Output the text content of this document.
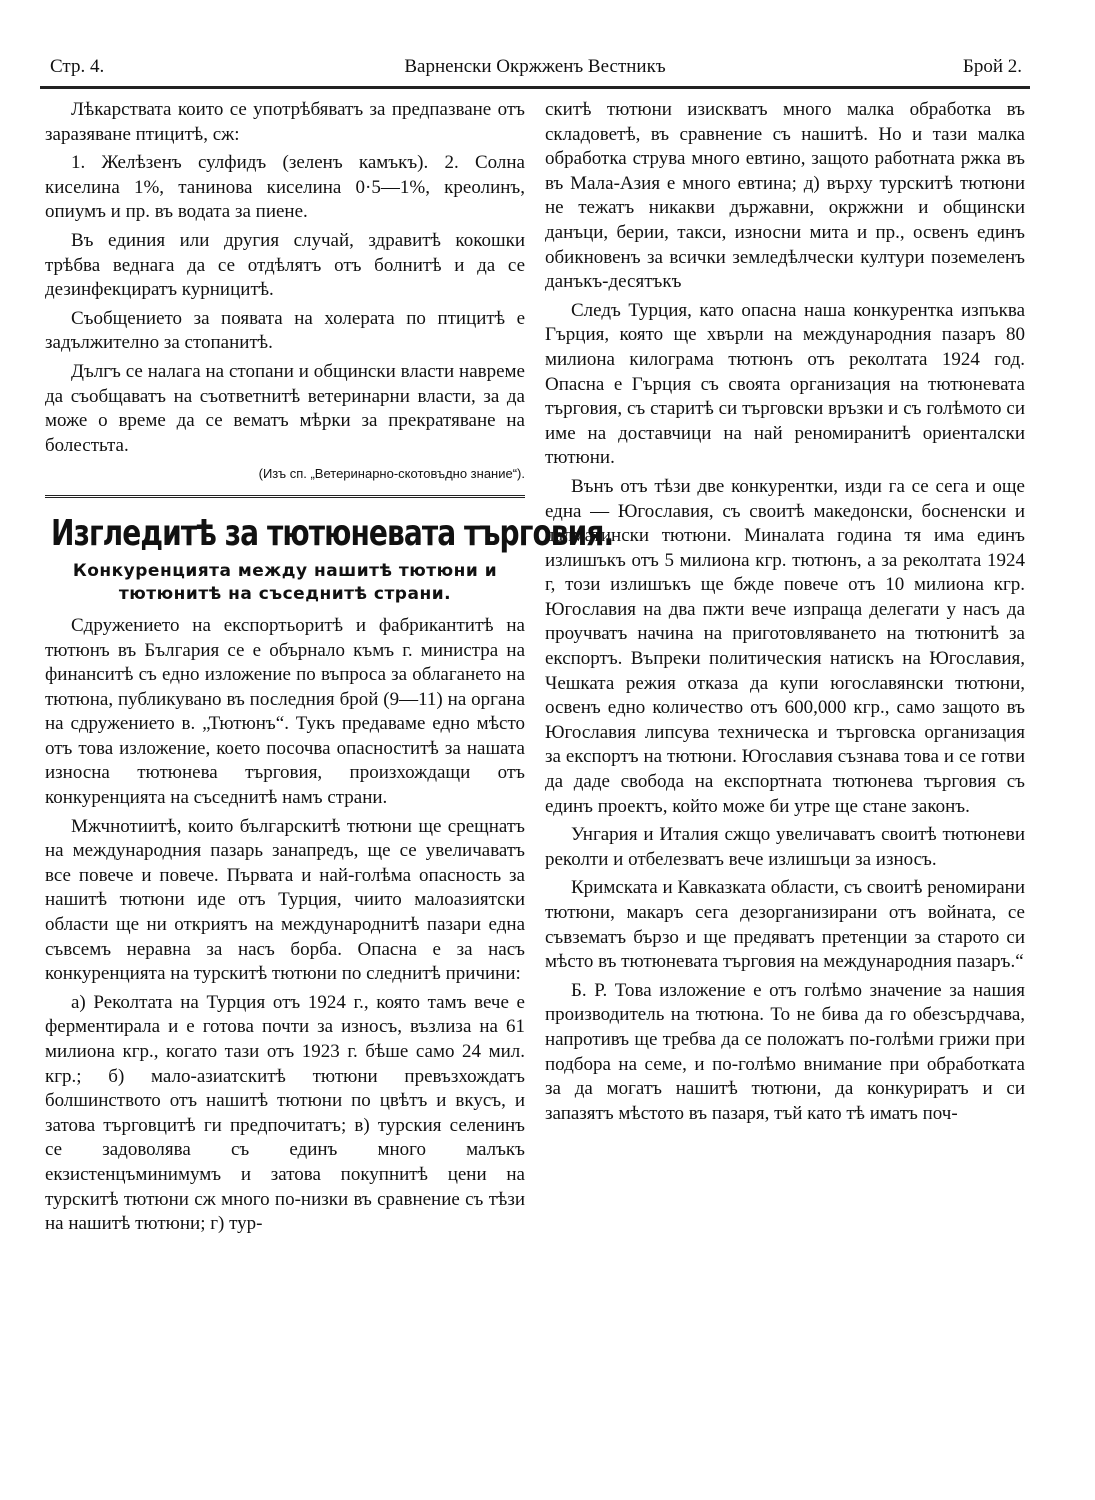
Стр. 4.	Варненски Окржженъ Вестникъ	Брой 2.

Лѣкарствата които се употрѣбяватъ за предпазване отъ заразяване птицитѣ, сж:

1. Желѣзенъ сулфидъ (зеленъ камъкъ). 2. Солна киселина 1%, танинова киселина 0·5—1%, креолинъ, опиумъ и пр. въ водата за пиене.

Въ единия или другия случай, здравитѣ кокошки трѣбва веднага да се отдѣлятъ отъ болнитѣ и да се дезинфекциратъ курницитѣ.

Съобщението за появата на холерата по птицитѣ е задължително за стопанитѣ.

Дългъ се налага на стопани и общински власти навреме да съобщаватъ на съответнитѣ ветеринарни власти, за да може о време да се вематъ мѣрки за прекратяване на болестьта.

(Изъ сп. „Ветеринарно-скотовъдно знание“).
Изгледитѣ за тютюневата търговия.
Конкуренцията между нашитѣ тютюни и тютюнитѣ на съседнитѣ страни.

Сдружението на експортьоритѣ и фабрикантитѣ на тютюнъ въ България се е обърнало къмъ г. министра на финанситѣ съ едно изложение по въпроса за облагането на тютюна, публикувано въ последния брой (9—11) на органа на сдружението в. „Тютюнъ“. Тукъ предаваме едно мѣсто отъ това изложение, което посочва опасноститѣ за нашата износна тютюнева търговия, произхождащи отъ конкуренцията на съседнитѣ намъ страни.

Мжчнотиитѣ, които българскитѣ тютюни ще срещнатъ на международния пазарь занапредъ, ще се увеличаватъ все повече и повече. Първата и най-голѣма опасность за нашитѣ тютюни иде отъ Турция, чиито малоазиятски области ще ни откриятъ на международнитѣ пазари една съвсемъ неравна за насъ борба. Опасна е за насъ конкуренцията на турскитѣ тютюни по следнитѣ причини:

а) Реколтата на Турция отъ 1924 г., която тамъ вече е ферментирала и е готова почти за износъ, възлиза на 61 милиона кгр., когато тази отъ 1923 г. бѣше само 24 мил. кгр.; б) мало-азиатскитѣ тютюни превъзхождатъ болшинството отъ нашитѣ тютюни по цвѣтъ и вкусъ, и затова търговцитѣ ги предпочитатъ; в) турския селенинъ се задоволява съ единъ много малъкъ екзистенцъминимумъ и затова покупнитѣ цени на турскитѣ тютюни сж много по-низки въ сравнение съ тѣзи на нашитѣ тютюни; г) тур-

скитѣ тютюни изискватъ много малка обработка въ складоветѣ, въ сравнение съ нашитѣ. Но и тази малка обработка струва много евтино, защото работната ржка въ въ Мала-Азия е много евтина; д) върху турскитѣ тютюни не тежатъ никакви държавни, окржжни и общински данъци, берии, такси, износни мита и пр., освенъ единъ обикновенъ за всички земледѣлчески култури поземеленъ данъкъ-десятъкъ

Следъ Турция, като опасна наша конкурентка изпъква Гърция, която ще хвърли на международния пазаръ 80 милиона килограма тютюнъ отъ реколтата 1924 год. Опасна е Гърция съ своята организация на тютюневата търговия, съ старитѣ си търговски връзки и съ голѣмото си име на доставчици на най реномиранитѣ ориенталски тютюни.

Вънъ отъ тѣзи две конкурентки, изди га се сега и още една — Югославия, съ своитѣ македонски, босненски и далматински тютюни. Миналата година тя има единъ излишъкъ отъ 5 милиона кгр. тютюнъ, а за реколтата 1924 г, този излишъкъ ще бжде повече отъ 10 милиона кгр. Югославия на два пжти вече изпраща делегати у насъ да проучватъ начина на приготовляването на тютюнитѣ за експортъ. Въпреки политическия натискъ на Югославия, Чешката режия отказа да купи югославянски тютюни, освенъ едно количество отъ 600,000 кгр., само защото въ Югославия липсува техническа и търговска организация за експортъ на тютюни. Югославия съзнава това и се готви да даде свобода на експортната тютюнева търговия съ единъ проектъ, който може би утре ще стане законъ.

Унгария и Италия сжщо увеличаватъ своитѣ тютюневи реколти и отбелезватъ вече излишъци за износъ.

Кримската и Кавказката области, съ своитѣ реномирани тютюни, макаръ сега дезорганизирани отъ войната, се съвзематъ бързо и ще предяватъ претенции за старото си мѣсто въ тютюневата търговия на международния пазаръ.“

Б. Р. Това изложение е отъ голѣмо значение за нашия производитель на тютюна. То не бива да го обезсърдчава, напротивъ ще требва да се положатъ по-голѣми грижи при подбора на семе, и по-голѣмо внимание при обработката за да могатъ нашитѣ тютюни, да конкуриратъ и си запазятъ мѣстото въ пазаря, тъй като тѣ иматъ поч-
